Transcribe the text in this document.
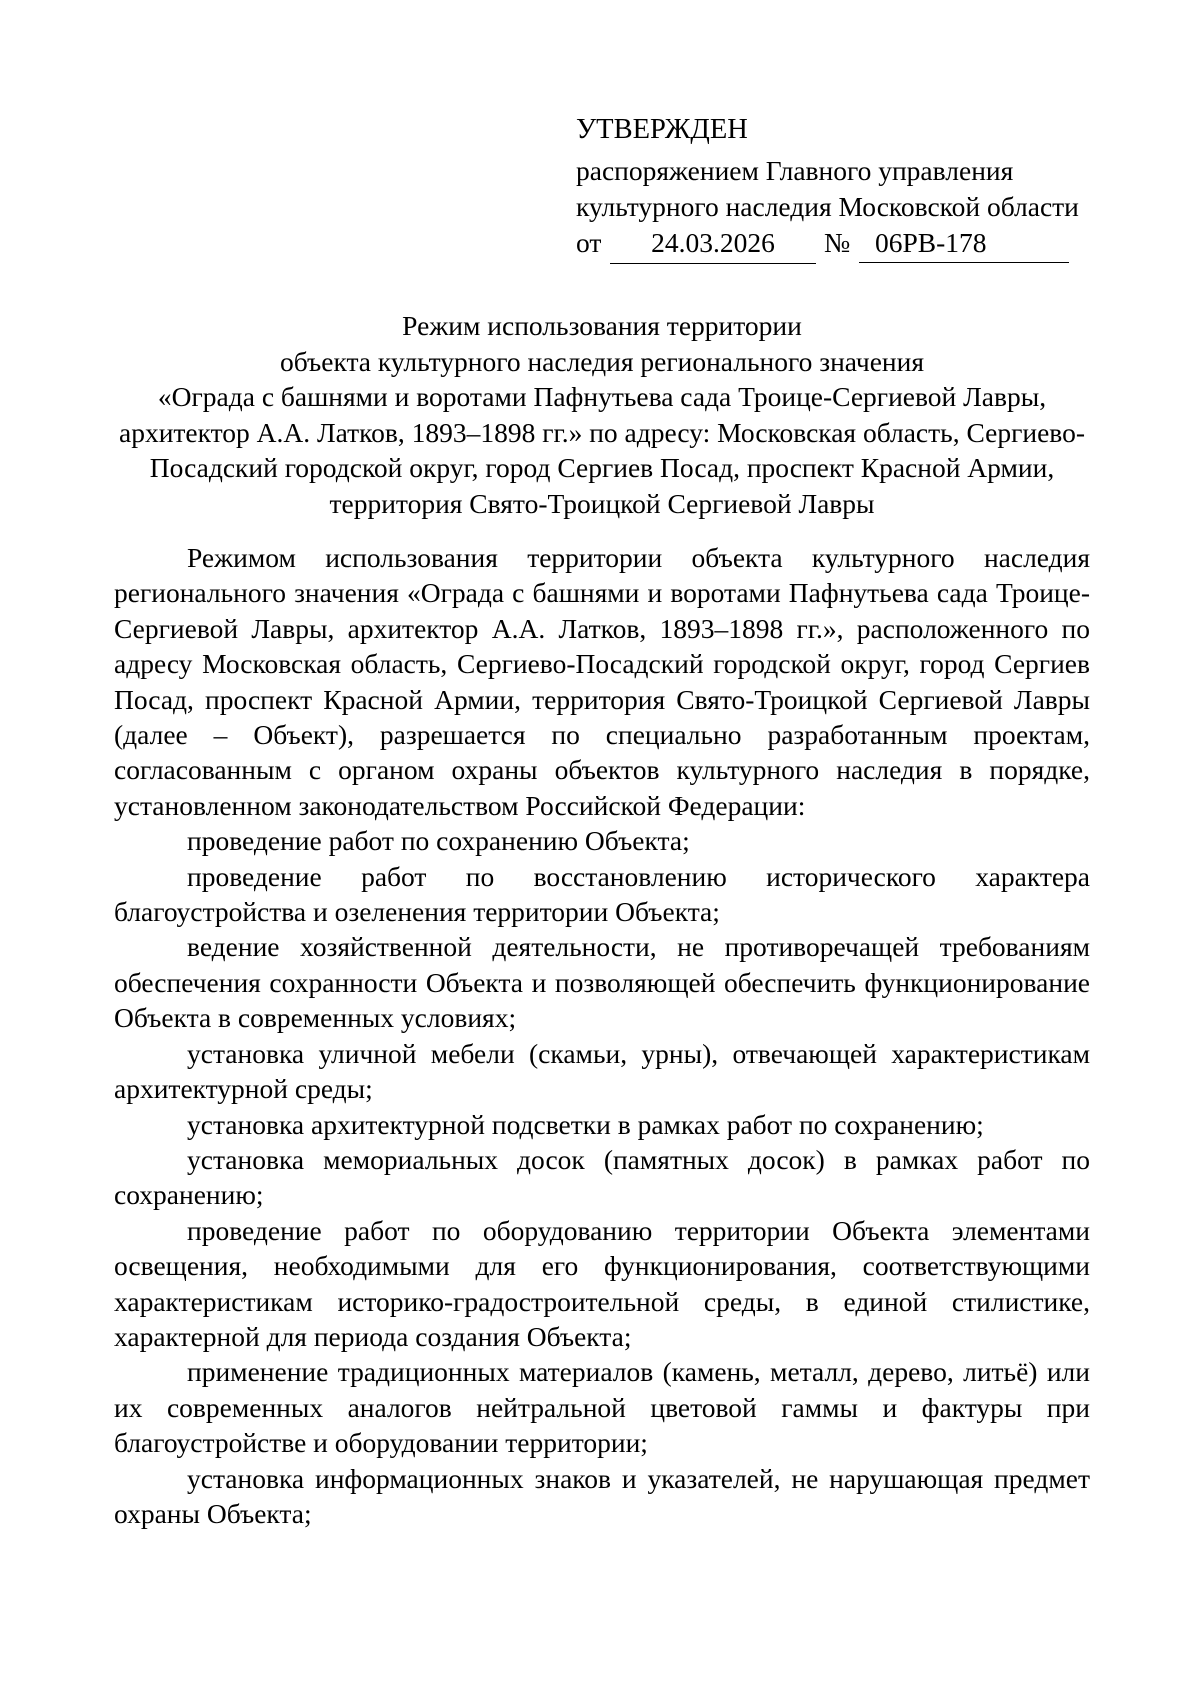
УТВЕРЖДЕН
распоряжением Главного управления
культурного наследия Московской области
от	24.03.2026	№ 06РВ-178
Режим использования территории
объекта культурного наследия регионального значения
«Ограда с башнями и воротами Пафнутьева сада Троице-Сергиевой Лавры,
архитектор А.А. Латков, 1893–1898 гг.» по адресу: Московская область, Сергиево-
Посадский городской округ, город Сергиев Посад, проспект Красной Армии,
территория Свято-Троицкой Сергиевой Лавры

Режимом использования территории объекта культурного наследия регионального значения «Ограда с башнями и воротами Пафнутьева сада Троице-Сергиевой Лавры, архитектор А.А. Латков, 1893–1898 гг.», расположенного по адресу Московская область, Сергиево-Посадский городской округ, город Сергиев Посад, проспект Красной Армии, территория Свято-Троицкой Сергиевой Лавры (далее – Объект), разрешается по специально разработанным проектам, согласованным с органом охраны объектов культурного наследия в порядке, установленном законодательством Российской Федерации:

проведение работ по сохранению Объекта;

проведение работ по восстановлению исторического характера благоустройства и озеленения территории Объекта;

ведение хозяйственной деятельности, не противоречащей требованиям обеспечения сохранности Объекта и позволяющей обеспечить функционирование Объекта в современных условиях;

установка уличной мебели (скамьи, урны), отвечающей характеристикам архитектурной среды;

установка архитектурной подсветки в рамках работ по сохранению;

установка мемориальных досок (памятных досок) в рамках работ по сохранению;

проведение работ по оборудованию территории Объекта элементами освещения, необходимыми для его функционирования, соответствующими характеристикам историко-градостроительной среды, в единой стилистике, характерной для периода создания Объекта;

применение традиционных материалов (камень, металл, дерево, литьё) или их современных аналогов нейтральной цветовой гаммы и фактуры при благоустройстве и оборудовании территории;

установка информационных знаков и указателей, не нарушающая предмет охраны Объекта;
